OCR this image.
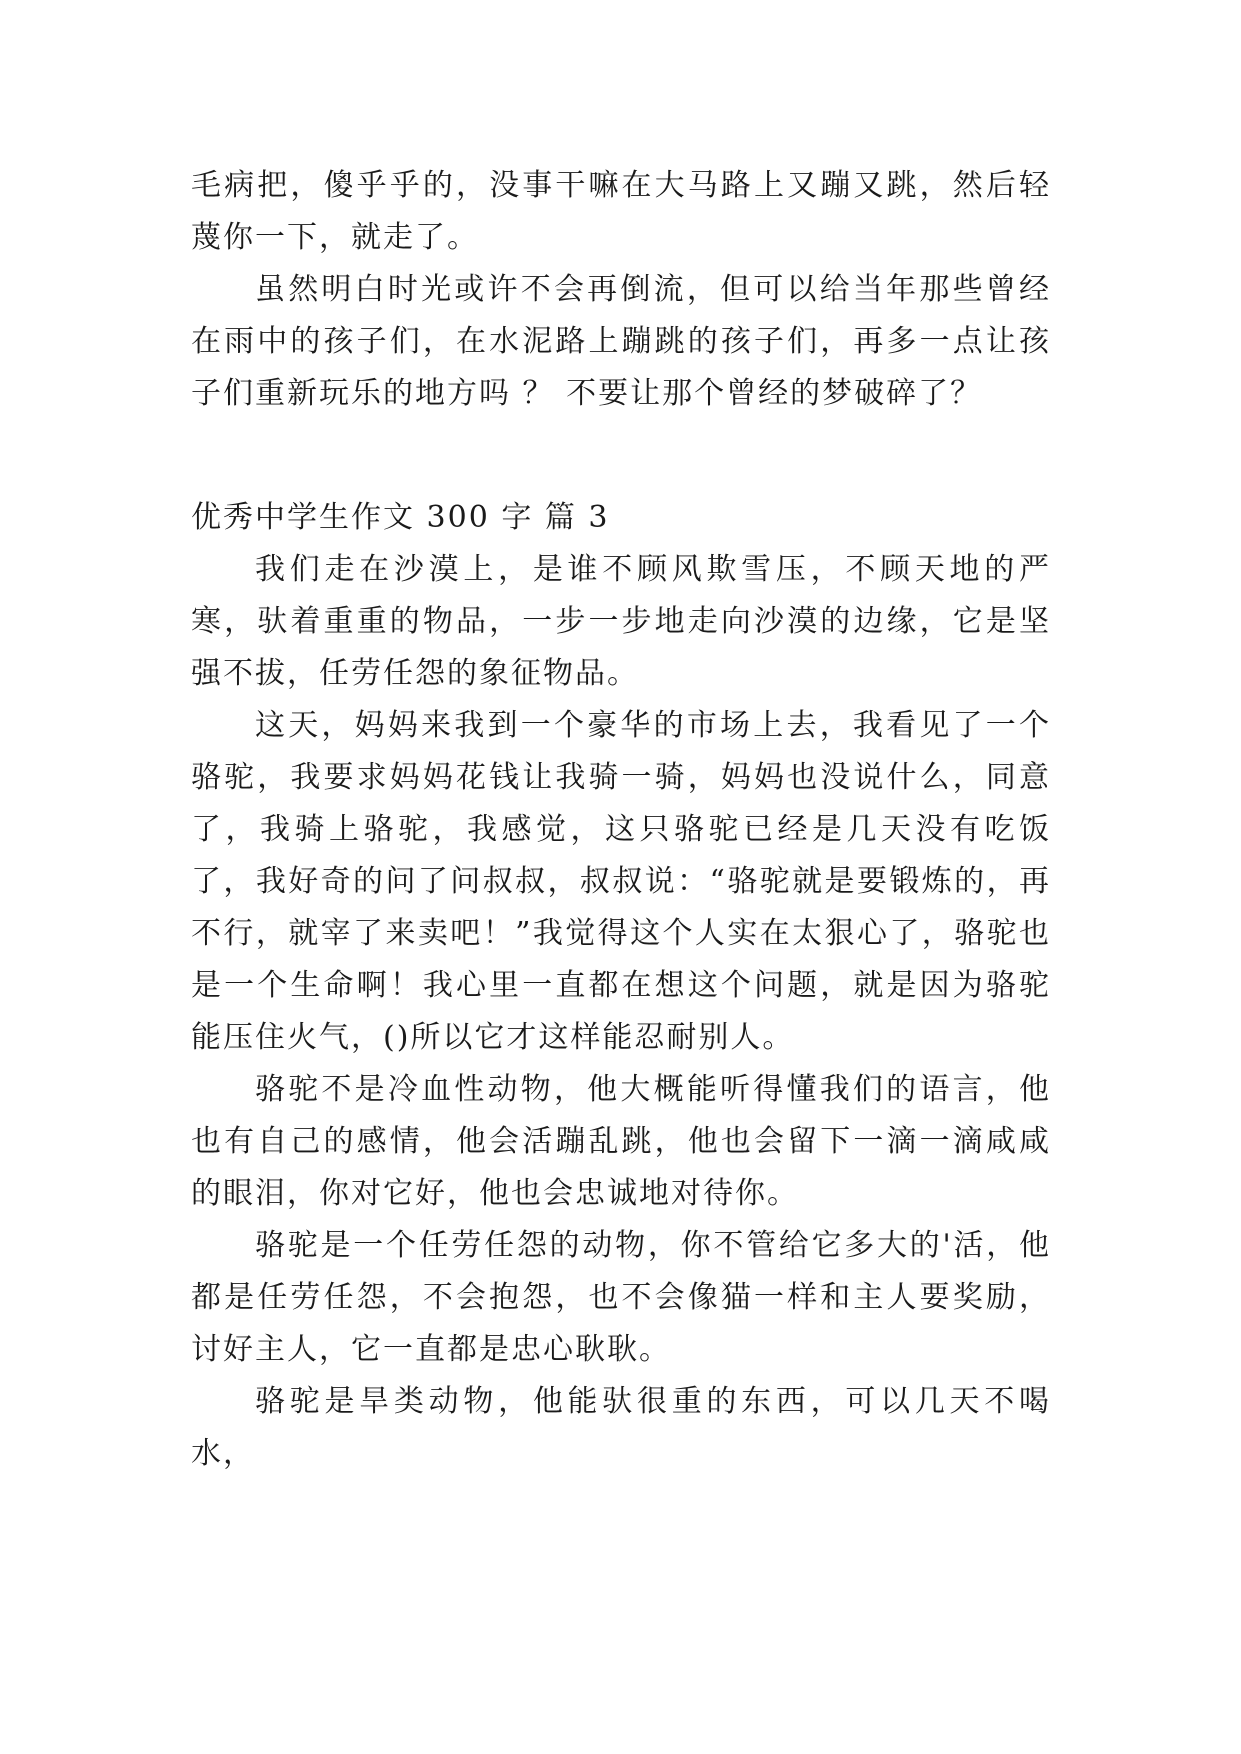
毛病把，傻乎乎的，没事干嘛在大马路上又蹦又跳，然后轻蔑你一下，就走了。

虽然明白时光或许不会再倒流，但可以给当年那些曾经在雨中的孩子们，在水泥路上蹦跳的孩子们，再多一点让孩子们重新玩乐的地方吗 ？ 不要让那个曾经的梦破碎了？

优秀中学生作文 300 字 篇 3

我们走在沙漠上，是谁不顾风欺雪压，不顾天地的严寒，驮着重重的物品，一步一步地走向沙漠的边缘，它是坚强不拔，任劳任怨的象征物品。

这天，妈妈来我到一个豪华的市场上去，我看见了一个骆驼，我要求妈妈花钱让我骑一骑，妈妈也没说什么，同意了，我骑上骆驼，我感觉，这只骆驼已经是几天没有吃饭了，我好奇的问了问叔叔，叔叔说：“骆驼就是要锻炼的，再不行，就宰了来卖吧！”我觉得这个人实在太狠心了，骆驼也是一个生命啊！我心里一直都在想这个问题，就是因为骆驼能压住火气，()所以它才这样能忍耐别人。

骆驼不是冷血性动物，他大概能听得懂我们的语言，他也有自己的感情，他会活蹦乱跳，他也会留下一滴一滴咸咸的眼泪，你对它好，他也会忠诚地对待你。

骆驼是一个任劳任怨的动物，你不管给它多大的'活，他都是任劳任怨，不会抱怨，也不会像猫一样和主人要奖励，讨好主人，它一直都是忠心耿耿。

骆驼是旱类动物，他能驮很重的东西，可以几天不喝水，
